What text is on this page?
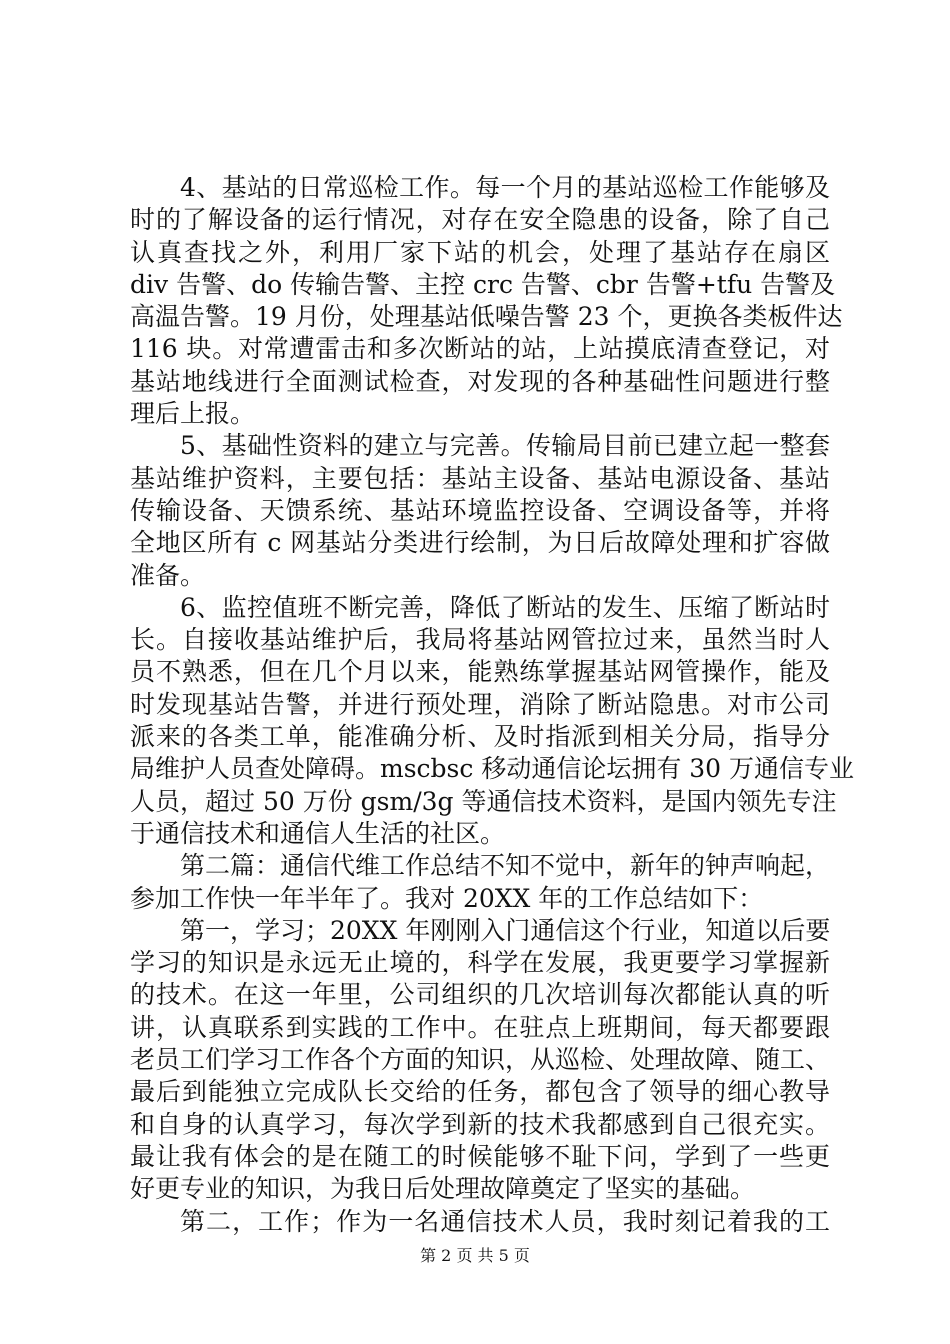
4、基站的日常巡检工作。每一个月的基站巡检工作能够及
时的了解设备的运行情况，对存在安全隐患的设备，除了自己
认真查找之外，利用厂家下站的机会，处理了基站存在扇区
div 告警、do 传输告警、主控 crc 告警、cbr 告警+tfu 告警及
高温告警。19 月份，处理基站低噪告警 23 个，更换各类板件达
116 块。对常遭雷击和多次断站的站，上站摸底清查登记，对
基站地线进行全面测试检查，对发现的各种基础性问题进行整
理后上报。
5、基础性资料的建立与完善。传输局目前已建立起一整套
基站维护资料，主要包括：基站主设备、基站电源设备、基站
传输设备、天馈系统、基站环境监控设备、空调设备等，并将
全地区所有 c 网基站分类进行绘制，为日后故障处理和扩容做
准备。
6、监控值班不断完善，降低了断站的发生、压缩了断站时
长。自接收基站维护后，我局将基站网管拉过来，虽然当时人
员不熟悉，但在几个月以来，能熟练掌握基站网管操作，能及
时发现基站告警，并进行预处理，消除了断站隐患。对市公司
派来的各类工单，能准确分析、及时指派到相关分局，指导分
局维护人员查处障碍。mscbsc 移动通信论坛拥有 30 万通信专业
人员，超过 50 万份 gsm/3g 等通信技术资料，是国内领先专注
于通信技术和通信人生活的社区。
第二篇：通信代维工作总结不知不觉中，新年的钟声响起，
参加工作快一年半年了。我对 20XX 年的工作总结如下：
第一，学习；20XX 年刚刚入门通信这个行业，知道以后要
学习的知识是永远无止境的，科学在发展，我更要学习掌握新
的技术。在这一年里，公司组织的几次培训每次都能认真的听
讲，认真联系到实践的工作中。在驻点上班期间，每天都要跟
老员工们学习工作各个方面的知识，从巡检、处理故障、随工、
最后到能独立完成队长交给的任务，都包含了领导的细心教导
和自身的认真学习，每次学到新的技术我都感到自己很充实。
最让我有体会的是在随工的时候能够不耻下问，学到了一些更
好更专业的知识，为我日后处理故障奠定了坚实的基础。
第二，工作；作为一名通信技术人员，我时刻记着我的工
第 2 页 共 5 页
